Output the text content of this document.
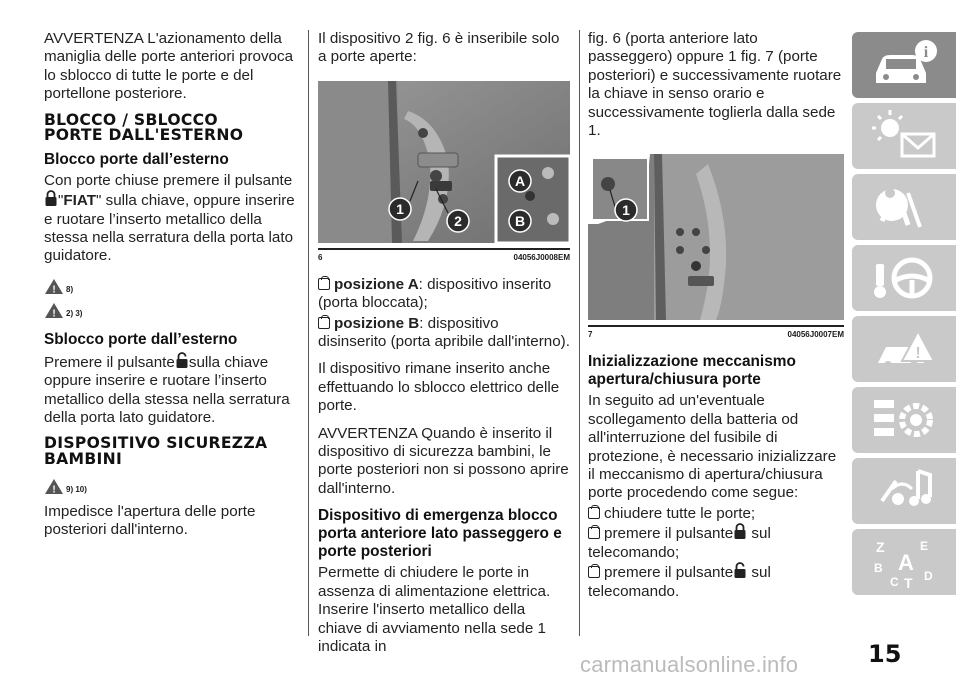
AVVERTENZA L'azionamento della maniglia delle porte anteriori provoca lo sblocco di tutte le porte e del portellone posteriore.

BLOCCO / SBLOCCO
PORTE DALL'ESTERNO
Blocco porte dall’esterno

Con porte chiuse premere il pulsante
"FIAT" sulla chiave, oppure inserire e ruotare l’inserto metallico della stessa nella serratura della porta lato guidatore.

! 8)
! 2) 3)
Sblocco porte dall’esterno

Premere il pulsante sulla chiave oppure inserire e ruotare l’inserto metallico della stessa nella serratura della porta lato guidatore.

DISPOSITIVO SICUREZZA
BAMBINI
! 9) 10)

Impedisce l'apertura delle porte posteriori dall'interno.

Il dispositivo 2 fig. 6 è inseribile solo a porte aperte:

1
2
A
B
6	04056J0008EM

posizione A: dispositivo inserito (porta bloccata);

posizione B: dispositivo disinserito (porta apribile dall'interno).

Il dispositivo rimane inserito anche effettuando lo sblocco elettrico delle porte.

AVVERTENZA Quando è inserito il dispositivo di sicurezza bambini, le porte posteriori non si possono aprire dall'interno.

Dispositivo di emergenza blocco porta anteriore lato passeggero e porte posteriori

Permette di chiudere le porte in assenza di alimentazione elettrica. Inserire l'inserto metallico della chiave di avviamento nella sede 1 indicata in

fig. 6 (porta anteriore lato passeggero) oppure 1 fig. 7 (porte posteriori) e successivamente ruotare la chiave in senso orario e successivamente toglierla dalla sede 1.

1
7	04056J0007EM
Inizializzazione meccanismo apertura/chiusura porte

In seguito ad un'eventuale scollegamento della batteria od all'interruzione del fusibile di protezione, è necessario inizializzare il meccanismo di apertura/chiusura porte procedendo come segue:

chiudere tutte le porte;

premere il pulsante sul telecomando;

premere il pulsante sul telecomando.

i
!
Z	E
B A
C T D
15
carmanualsonline.info
